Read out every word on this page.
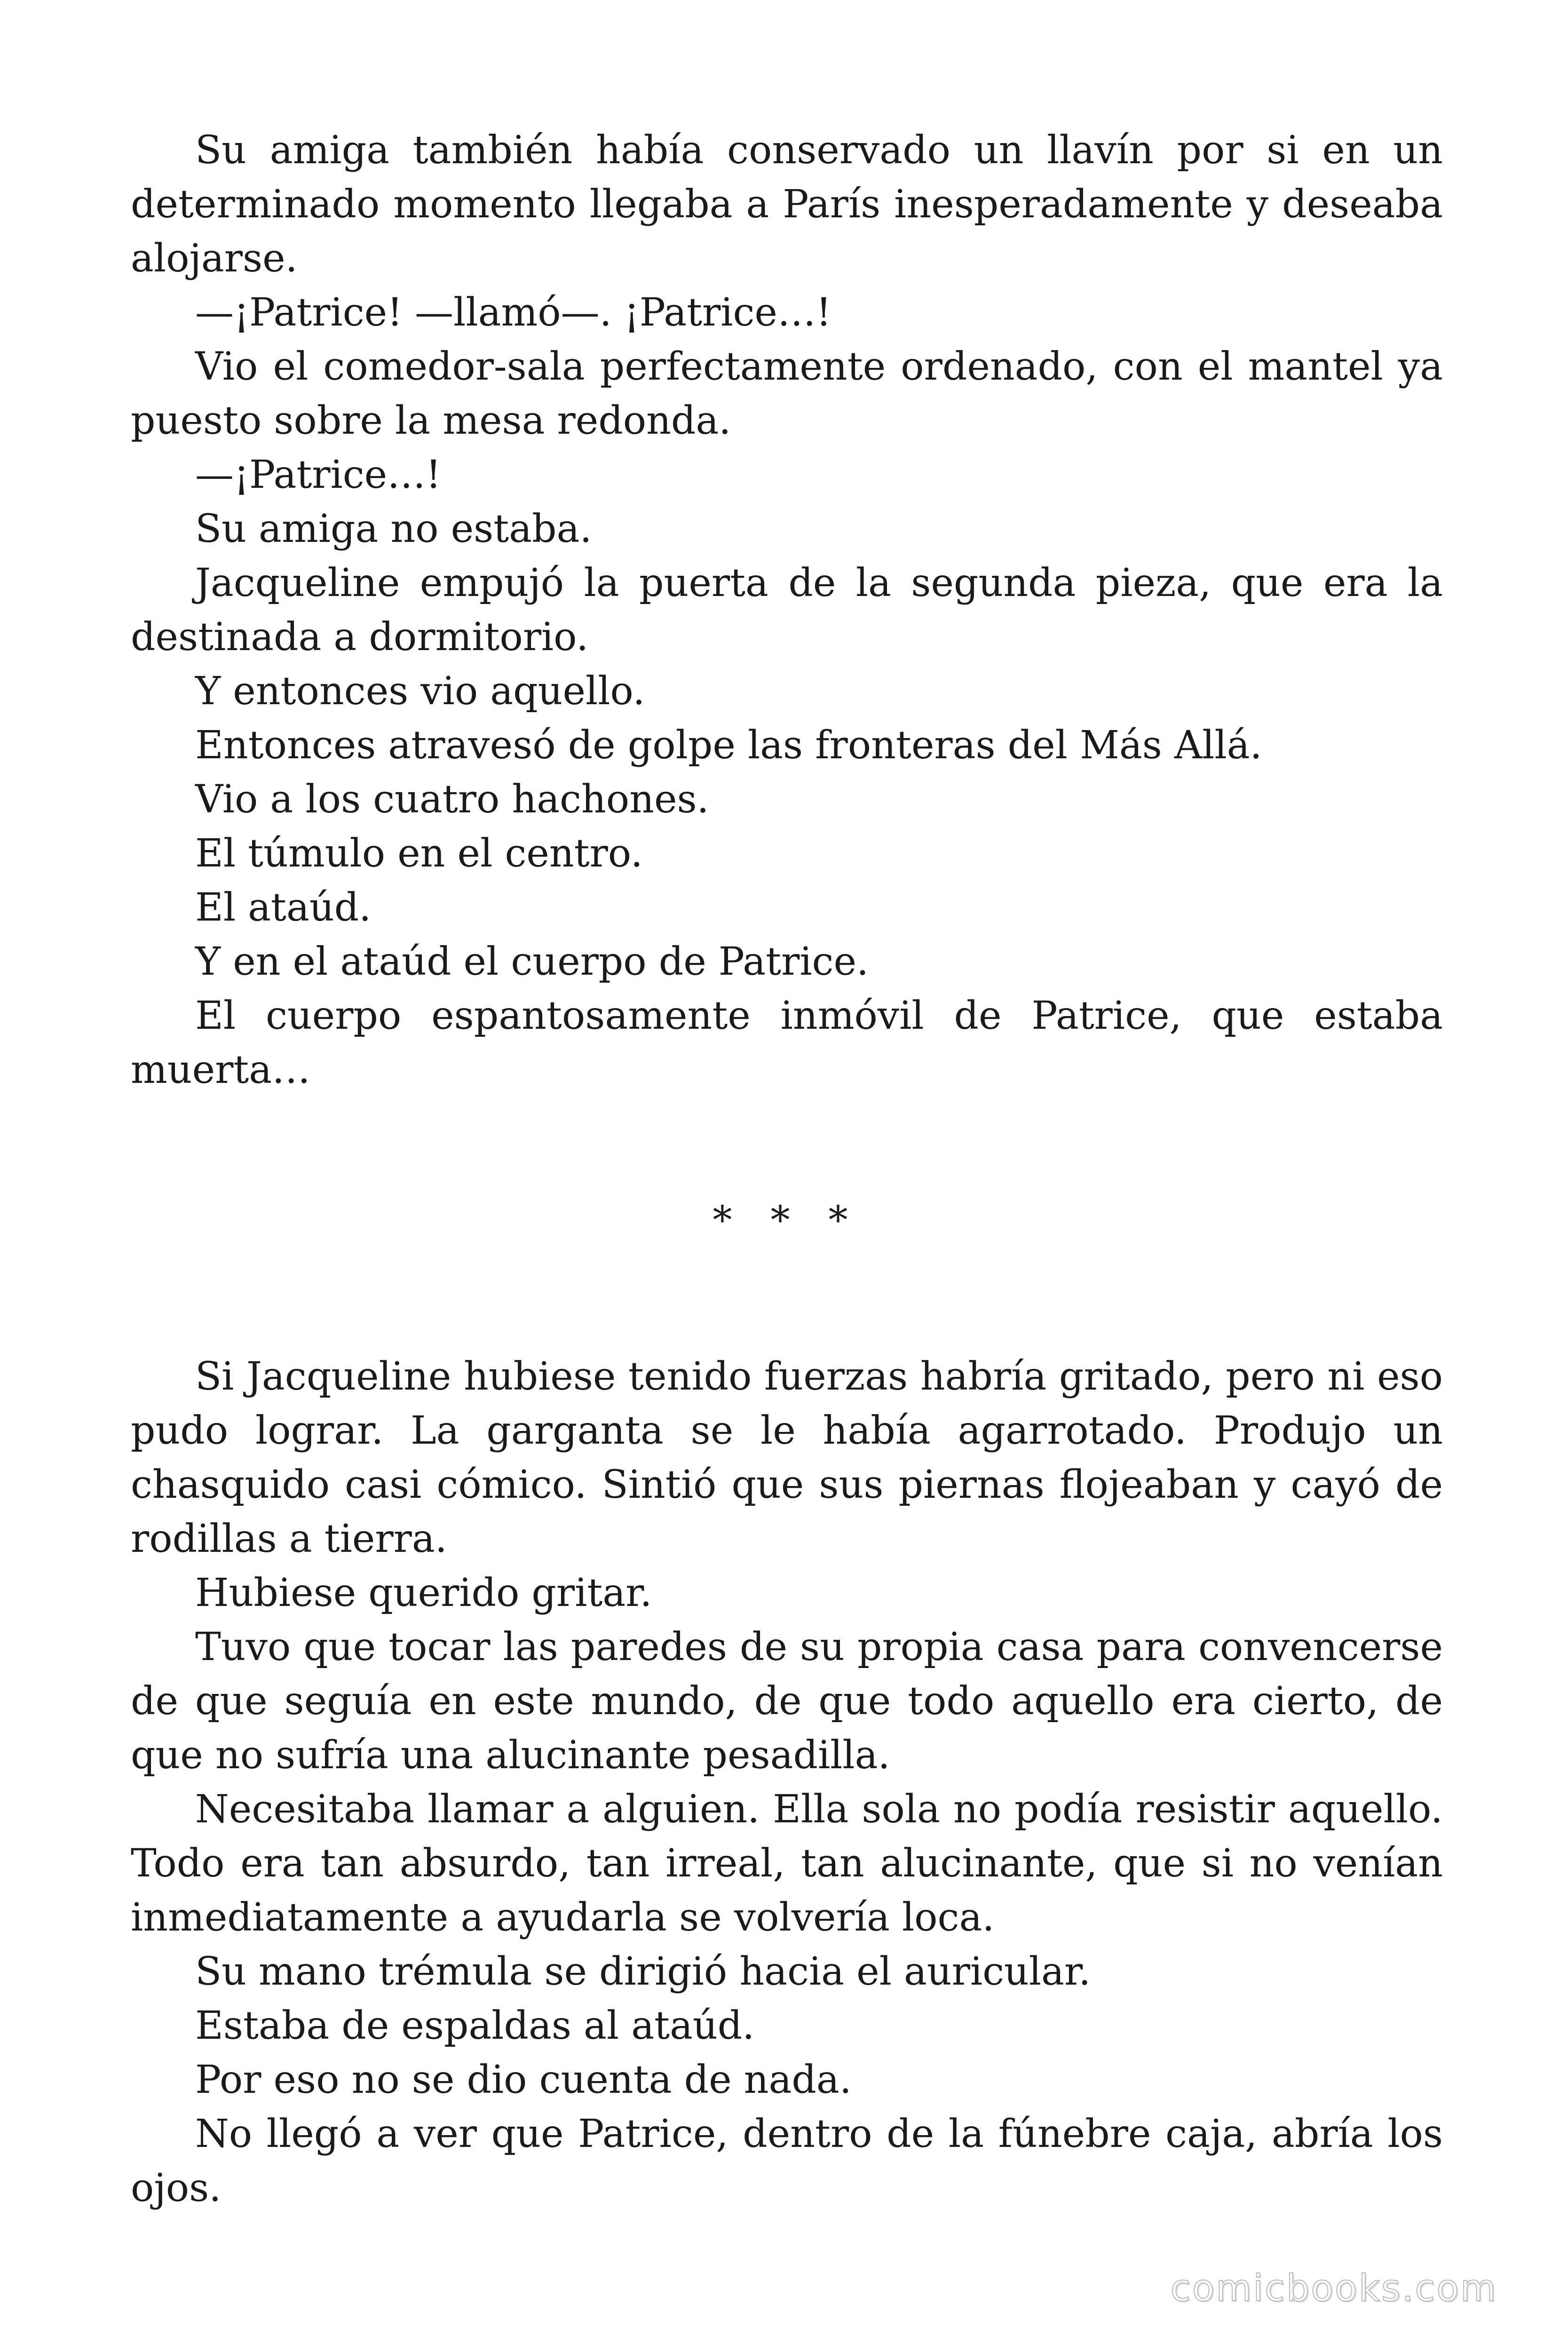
Su amiga también había conservado un llavín por si en un determinado momento llegaba a París inesperadamente y deseaba alojarse.

—¡Patrice! —llamó—. ¡Patrice…!

Vio el comedor-sala perfectamente ordenado, con el mantel ya puesto sobre la mesa redonda.

—¡Patrice…!

Su amiga no estaba.

Jacqueline empujó la puerta de la segunda pieza, que era la destinada a dormitorio.

Y entonces vio aquello.

Entonces atravesó de golpe las fronteras del Más Allá.

Vio a los cuatro hachones.

El túmulo en el centro.

El ataúd.

Y en el ataúd el cuerpo de Patrice.

El cuerpo espantosamente inmóvil de Patrice, que estaba muerta…

* * *

Si Jacqueline hubiese tenido fuerzas habría gritado, pero ni eso pudo lograr. La garganta se le había agarrotado. Produjo un chasquido casi cómico. Sintió que sus piernas flojeaban y cayó de rodillas a tierra.

Hubiese querido gritar.

Tuvo que tocar las paredes de su propia casa para convencerse de que seguía en este mundo, de que todo aquello era cierto, de que no sufría una alucinante pesadilla.

Necesitaba llamar a alguien. Ella sola no podía resistir aquello. Todo era tan absurdo, tan irreal, tan alucinante, que si no venían inmediatamente a ayudarla se volvería loca.

Su mano trémula se dirigió hacia el auricular.

Estaba de espaldas al ataúd.

Por eso no se dio cuenta de nada.

No llegó a ver que Patrice, dentro de la fúnebre caja, abría los ojos.

comicbooks.com
